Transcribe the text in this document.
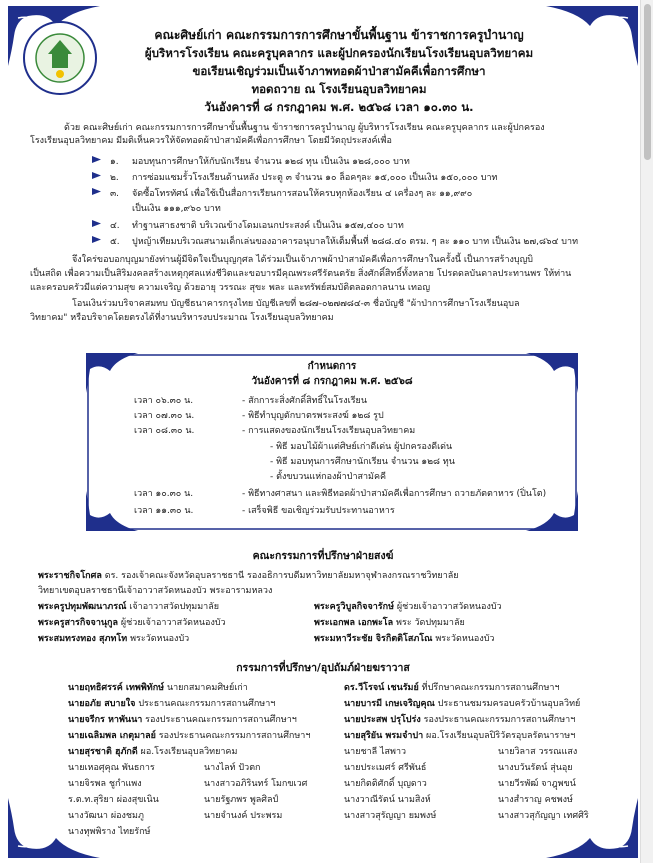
คณะศิษย์เก่า คณะกรรมการการศึกษาขั้นพื้นฐาน ข้าราชการครูบำนาญ
ผู้บริหารโรงเรียน คณะครูบุคลากร และผู้ปกครองนักเรียนโรงเรียนอุบลวิทยาคม
ขอเรียนเชิญร่วมเป็นเจ้าภาพทอดผ้าป่าสามัคคีเพื่อการศึกษา
ทอดถวาย ณ โรงเรียนอุบลวิทยาคม
วันอังคารที่ ๘ กรกฎาคม พ.ศ. ๒๕๖๘ เวลา ๑๐.๓๐ น.
ด้วย คณะศิษย์เก่า คณะกรรมการการศึกษาขั้นพื้นฐาน ข้าราชการครูบำนาญ ผู้บริหารโรงเรียน คณะครูบุคลากร และผู้ปกครอง
โรงเรียนอุบลวิทยาคม มีมติเห็นควรให้จัดทอดผ้าป่าสามัคคีเพื่อการศึกษา โดยมีวัตถุประสงค์เพื่อ
๑. มอบทุนการศึกษาให้กับนักเรียน จำนวน ๑๒๘ ทุน เป็นเงิน ๑๒๘,๐๐๐ บาท
๒. การซ่อมแซมรั้วโรงเรียนด้านหลัง ประตู ๓ จำนวน ๑๐ ล็อคๆละ ๑๕,๐๐๐ เป็นเงิน ๑๕๐,๐๐๐ บาท
๓. จัดซื้อโทรทัศน์ เพื่อใช้เป็นสื่อการเรียนการสอนให้ครบทุกห้องเรียน ๔ เครื่องๆ ละ ๑๑,๙๙๐
เป็นเงิน ๑๑๑,๙๖๐ บาท
๔. ทำฐานสาธงชาติ บริเวณข้างโดมเอนกประสงค์ เป็นเงิน ๑๕๗,๔๐๐ บาท
๕. ปูหญ้าเทียมบริเวณสนามเด็กเล่นของอาคารอนุบาลให้เต็มพื้นที่ ๒๘๘.๔๐ ตรม. ๆ ละ ๑๑๐ บาท เป็นเงิน ๒๗,๘๖๔ บาท
จึงใคร่ขอบอกบุญมายังท่านผู้มีจิตใจเป็นบุญกุศล ได้ร่วมเป็นเจ้าภาพผ้าป่าสามัคคีเพื่อการศึกษาในครั้งนี้ เป็นการสร้างบุญบิ
เป็นสถิต เพื่อความเป็นสิริมงคลสร้างเหตุกุศลแห่งชีวิตและขอบารมีคุณพระศรีรัตนตรัย สิ่งศักดิ์สิทธิ์ทั้งหลาย โปรดดลบันดาลประทานพร ให้ท่าน
และครอบครัวมีแต่ความสุข ความเจริญ ด้วยอายุ วรรณะ สุขะ พละ และทรัพย์สมบัติตลอดกาลนาน เทอญ
โอนเงินร่วมบริจาคสมทบ บัญชีธนาคารกรุงไทย บัญชีเลขที่ ๒๘๗-๐๒๗๗๘๔-๓ ชื่อบัญชี "ผ้าป่าการศึกษาโรงเรียนอุบล
วิทยาคม" หรือบริจาคโดยตรงได้ที่งานบริหารงบประมาณ โรงเรียนอุบลวิทยาคม
กำหนดการ
วันอังคารที่ ๘ กรกฎาคม พ.ศ. ๒๕๖๘
เวลา ๐๖.๓๐ น.	- สักการะสิ่งศักดิ์สิทธิ์ในโรงเรียน
เวลา ๐๗.๓๐ น.	- พิธีทำบุญตักบาตรพระสงฆ์ ๑๒๘ รูป
เวลา ๐๘.๓๐ น.	- การแสดงของนักเรียนโรงเรียนอุบลวิทยาคม
- พิธี มอบไม้ผ้าแต่ศิษย์เก่าดีเด่น ผู้ปกครองดีเด่น
- พิธี มอบทุนการศึกษานักเรียน จำนวน ๑๒๘ ทุน
- ตั้งขบวนแห่กองผ้าป่าสามัคคี
เวลา ๑๐.๓๐ น.	- พิธีทางศาสนา และพิธีทอดผ้าป่าสามัคคีเพื่อการศึกษา ถวายภัตตาหาร (ปิ่นโต)
เวลา ๑๑.๓๐ น.	- เสร็จพิธี ขอเชิญร่วมรับประทานอาหาร
คณะกรรมการที่ปรึกษาฝ่ายสงฆ์
พระราชกิจโกศล ดร. รองเจ้าคณะจังหวัดอุบลราชธานี รองอธิการบดีมหาวิทยาลัยมหาจุฬาลงกรณราชวิทยาลัย
วิทยาเขตอุบลราชธานีเจ้าอาวาสวัดหนองบัว พระอารามหลวง
พระครูปทุมพัฒนาภรณ์ เจ้าอาวาสวัดปทุมมาลัย	พระครูวิบูลกิจจารักษ์ ผู้ช่วยเจ้าอาวาสวัดหนองบัว
พระครูสารกิจจานุกูล ผู้ช่วยเจ้าอาวาสวัดหนองบัว	พระเอกพล เอกพะโล พระ วัดปทุมมาลัย
พระสมทรงทอง สุภทโท พระวัดหนองบัว	พระมหาวีระชัย จิรกิตติโสภโณ พระวัดหนองบัว
กรรมการที่ปรึกษา/อุปถัมภ์ฝ่ายฆราวาส
นายฤทธิศรรค์ เทพพิทักษ์ นายกสมาคมศิษย์เก่า	ดร.วีโรจน์ เชนรัมย์ ที่ปรึกษาคณะกรรมการสถานศึกษาฯ
นายอภัย สบายใจ ประธานคณะกรรมการสถานศึกษาฯ	นายบารมี เกษเจริญคุณ ประธานชมรมครอบครัวบ้านอุบลวิทย์
นายจรีกร หาพันนา รองประธานคณะกรรมการสถานศึกษาฯ	นายประสพ ปรุโปร่ง รองประธานคณะกรรมการสถานศึกษาฯ
นายเฉลิมพล เกตุมาลย์ รองประธานคณะกรรมการสถานศึกษาฯ	นายสุริยัน พรมจำปา ผอ.โรงเรียนอุบลปิริวัตรอุบลรัตนาราษฯ
นายสุรชาติ ฮุภักดี ผอ.โรงเรียนอุบลวิทยาคม	นายชาลี ไสพาว	นายวิลาส วรรณแสง
นายเหอศุคุณ พันธการ	นางไลท์ ปัวตก	นายประเมศร์ ศรีพันธ์	นางบวันรัตน์ สุ่นอุย
นายจิรพล ชูกำแพง	นางสาวอภิรินทร์ โมกขเวศ	นายกิตติศักดิ์ บุญดาว	นายวีรพัฒ์ จาฎุพขน์
ร.ต.ท.สุริยา ผ่องสุขเนิน	นายรัฐภพร พูลศิลป์	นางวาณีรัตน์ นามสิงห์	นางสำราญ คชพงษ์
นางวัฒนา ผ่องชมภู	นายจำนงค์ ประพรม	นางสาวสุรัญญา ยมพงษ์	นางสาวสุกัญญา เทศศิริ
นางทุพพิราง ไทยรักษ์
